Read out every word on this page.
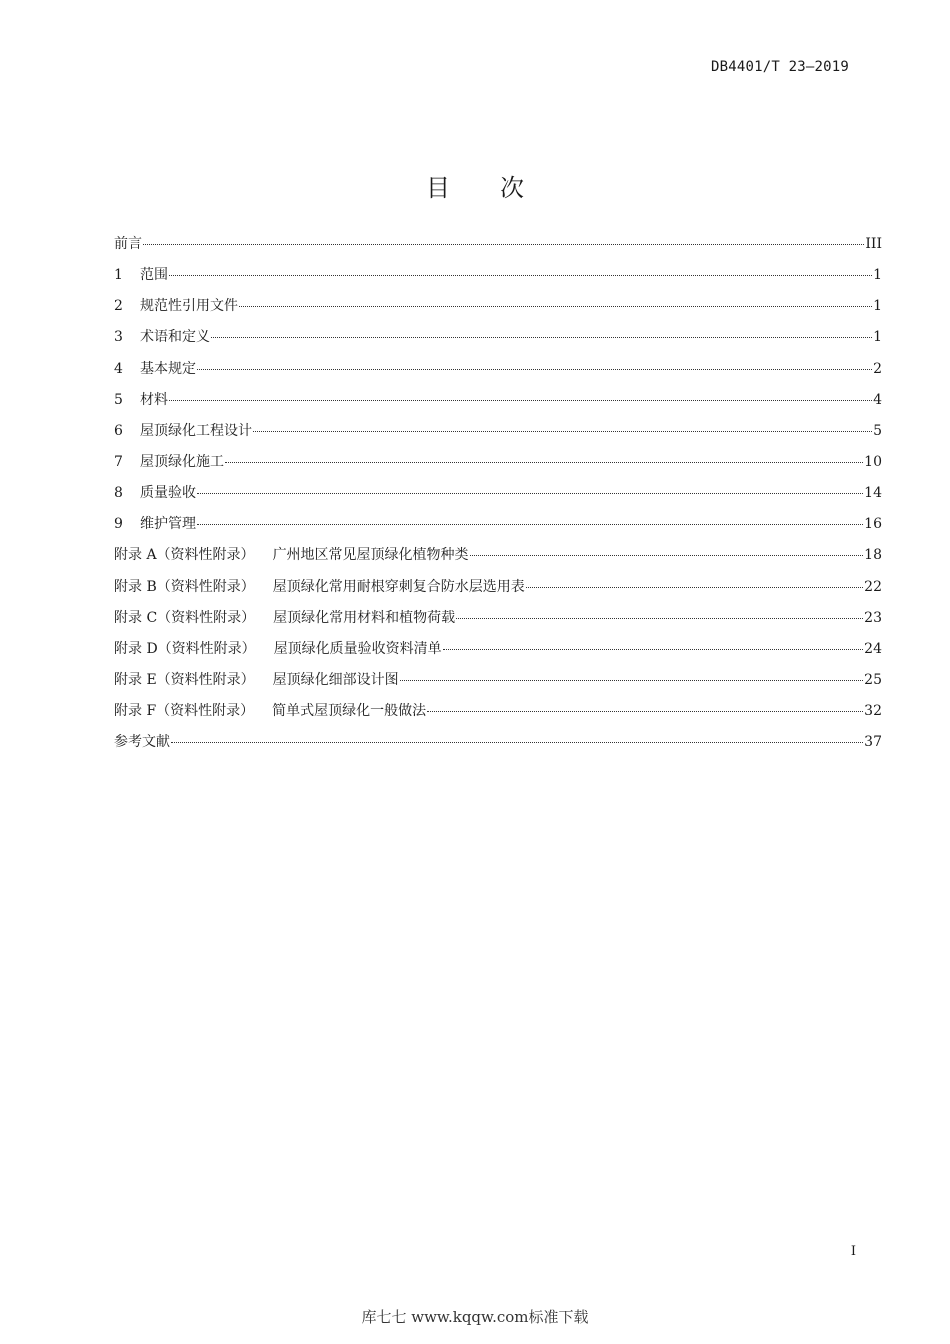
DB4401/T 23—2019
目次
前言	III
1	范围	1
2	规范性引用文件	1
3	术语和定义	1
4	基本规定	2
5	材料	4
6	屋顶绿化工程设计	5
7	屋顶绿化施工	10
8	质量验收	14
9	维护管理	16
附录 A（资料性附录） 广州地区常见屋顶绿化植物种类	18
附录 B（资料性附录） 屋顶绿化常用耐根穿刺复合防水层选用表	22
附录 C（资料性附录） 屋顶绿化常用材料和植物荷载	23
附录 D（资料性附录） 屋顶绿化质量验收资料清单	24
附录 E（资料性附录） 屋顶绿化细部设计图	25
附录 F（资料性附录） 简单式屋顶绿化一般做法	32
参考文献	37
I
库七七 www.kqqw.com标准下载
